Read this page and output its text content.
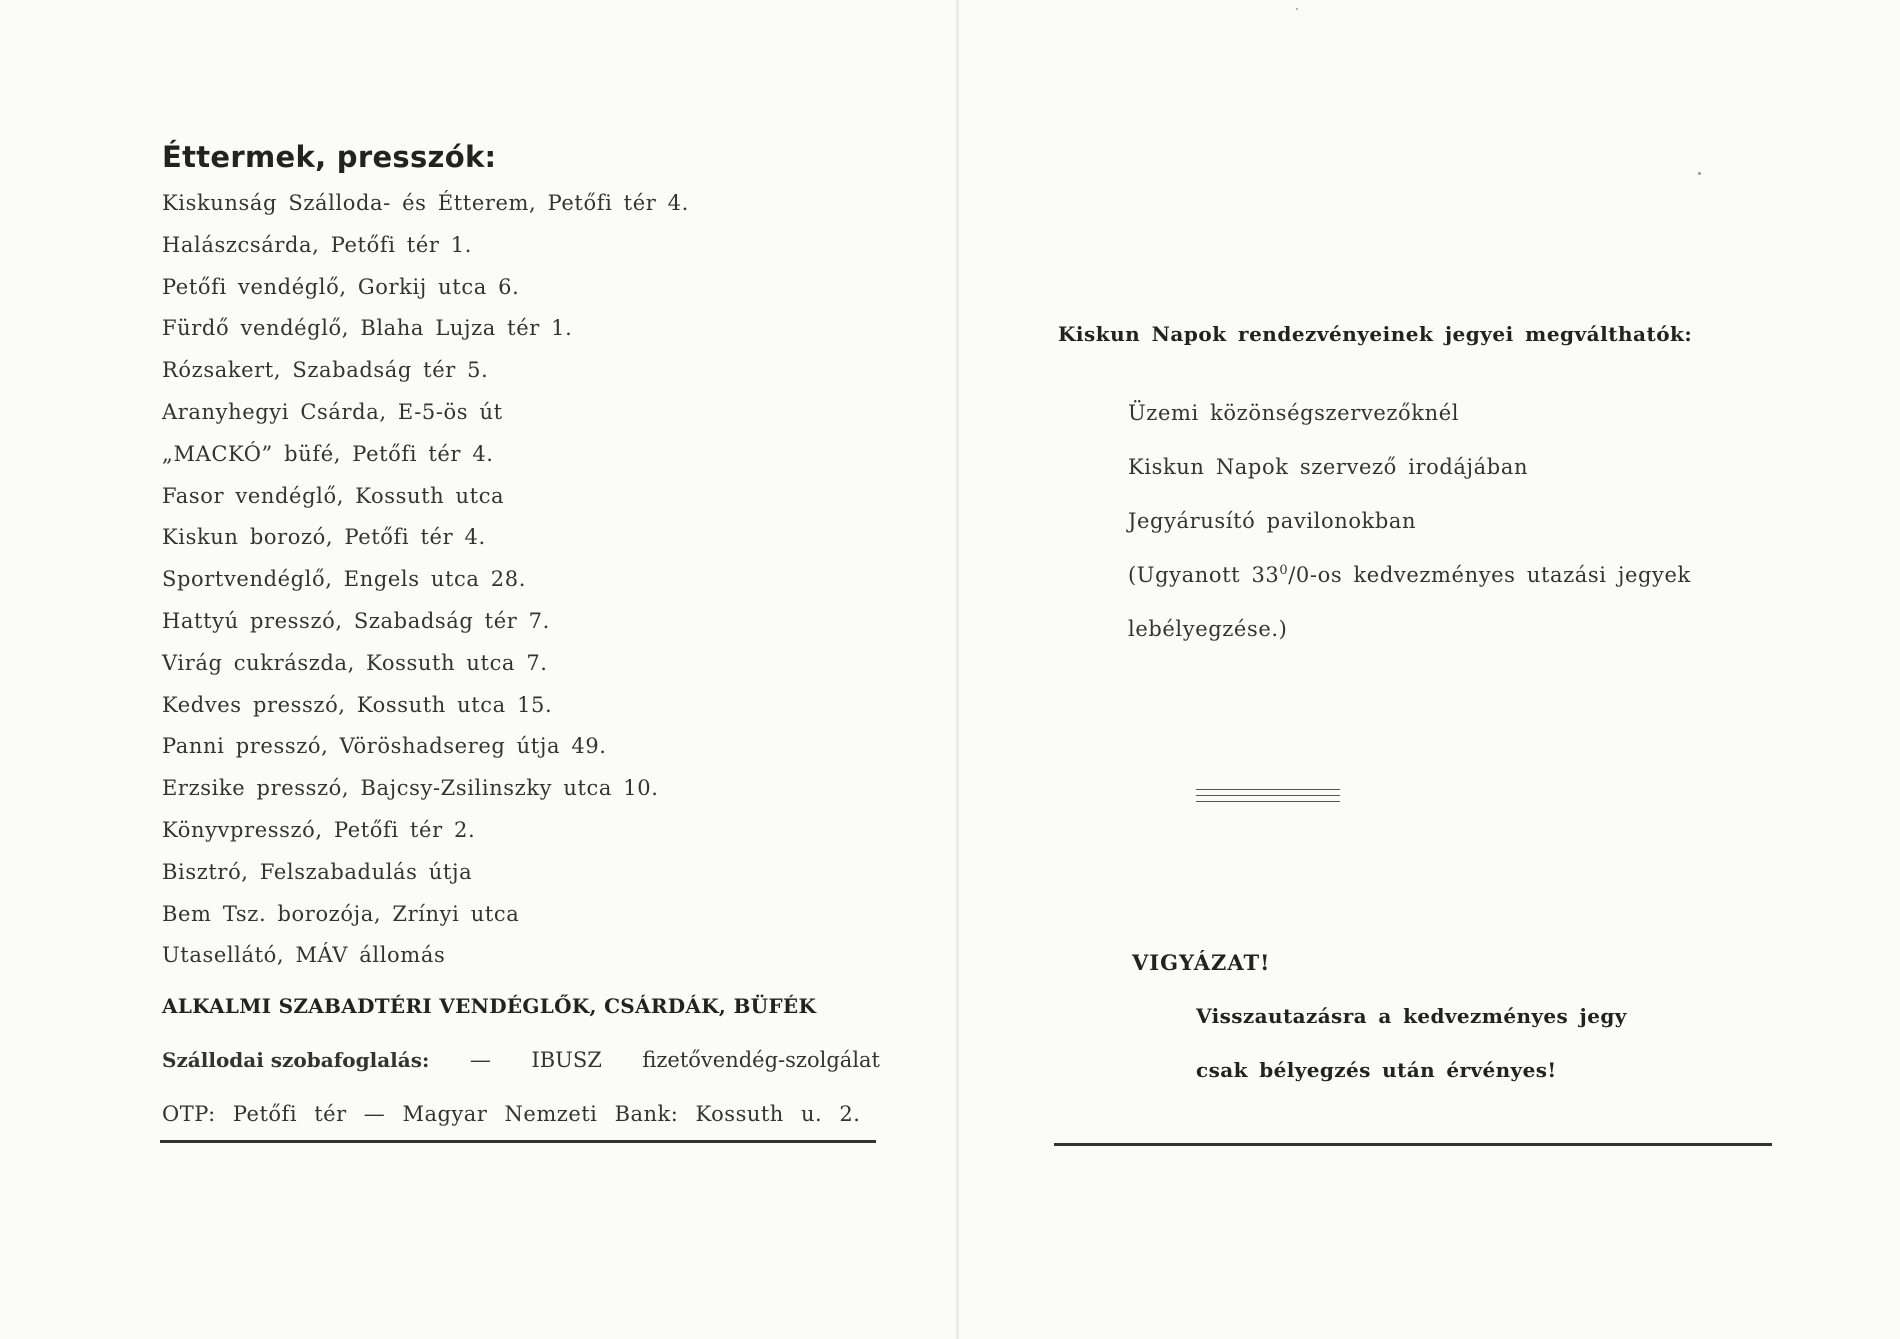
Éttermek, presszók:
Kiskunság Szálloda- és Étterem, Petőfi tér 4.
Halászcsárda, Petőfi tér 1.
Petőfi vendéglő, Gorkij utca 6.
Fürdő vendéglő, Blaha Lujza tér 1.
Rózsakert, Szabadság tér 5.
Aranyhegyi Csárda, E-5-ös út
„MACKÓ” büfé, Petőfi tér 4.
Fasor vendéglő, Kossuth utca
Kiskun borozó, Petőfi tér 4.
Sportvendéglő, Engels utca 28.
Hattyú presszó, Szabadság tér 7.
Virág cukrászda, Kossuth utca 7.
Kedves presszó, Kossuth utca 15.
Panni presszó, Vöröshadsereg útja 49.
Erzsike presszó, Bajcsy-Zsilinszky utca 10.
Könyvpresszó, Petőfi tér 2.
Bisztró, Felszabadulás útja
Bem Tsz. borozója, Zrínyi utca
Utasellátó, MÁV állomás
ALKALMI SZABADTÉRI VENDÉGLŐK, CSÁRDÁK, BÜFÉK
Szállodai szobafoglalás: — IBUSZ fizetővendég-szolgálat
OTP: Petőfi tér — Magyar Nemzeti Bank: Kossuth u. 2.
Kiskun Napok rendezvényeinek jegyei megválthatók:
Üzemi közönségszervezőknél
Kiskun Napok szervező irodájában
Jegyárusító pavilonokban
(Ugyanott $33^0/0-os$ kedvezményes utazási jegyek
lebélyegzése.)
VIGYÁZAT!
Visszautazásra a kedvezményes jegy
csak bélyegzés után érvényes!
